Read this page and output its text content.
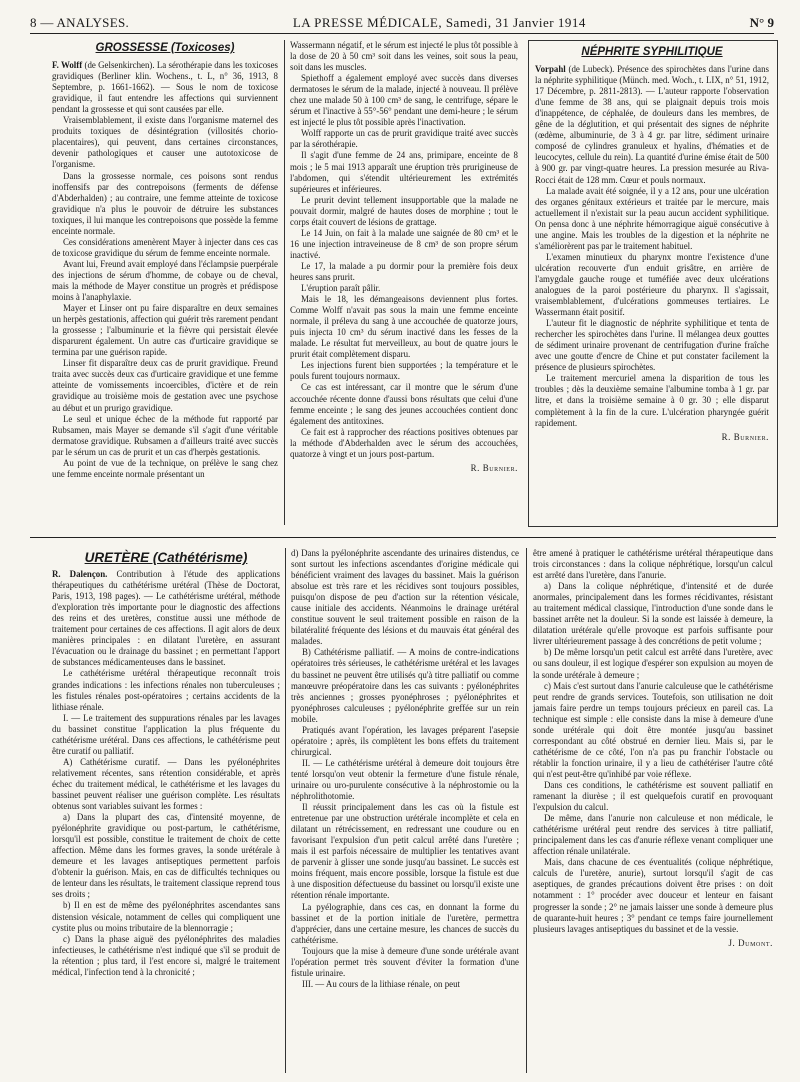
8 — ANALYSES.	LA PRESSE MÉDICALE, Samedi, 31 Janvier 1914	N° 9
GROSSESSE (Toxicoses)

F. Wolff (de Gelsenkirchen). La sérothérapie dans les toxicoses gravidiques (Berliner klin. Wochens., t. L, n° 36, 1913, 8 Septembre, p. 1661-1662). — Sous le nom de toxicose gravidique, il faut entendre les affections qui surviennent pendant la grossesse et qui sont causées par elle.

Vraisemblablement, il existe dans l'organisme maternel des produits toxiques de désintégration (villosités chorio-placentaires), qui peuvent, dans certaines circonstances, devenir pathologiques et causer une autotoxicose de l'organisme.

Dans la grossesse normale, ces poisons sont rendus inoffensifs par des contrepoisons (ferments de défense d'Abderhalden) ; au contraire, une femme atteinte de toxicose gravidique n'a plus le pouvoir de détruire les substances toxiques, il lui manque les contrepoisons que possède la femme enceinte normale.

Ces considérations amenèrent Mayer à injecter dans ces cas de toxicose gravidique du sérum de femme enceinte normale.

Avant lui, Freund avait employé dans l'éclampsie puerpérale des injections de sérum d'homme, de cobaye ou de cheval, mais la méthode de Mayer constitue un progrès et prédispose moins à l'anaphylaxie.

Mayer et Linser ont pu faire disparaître en deux semaines un herpès gestationis, affection qui guérit très rarement pendant la grossesse ; l'albuminurie et la fièvre qui persistait élevée disparurent également. Un autre cas d'urticaire gravidique se termina par une guérison rapide.

Linser fit disparaître deux cas de prurit gravidique. Freund traita avec succès deux cas d'urticaire gravidique et une femme atteinte de vomissements incoercibles, d'ictère et de rein gravidique au troisième mois de gestation avec une psychose au début et un prurigo gravidique.

Le seul et unique échec de la méthode fut rapporté par Rubsamen, mais Mayer se demande s'il s'agit d'une véritable dermatose gravidique. Rubsamen a d'ailleurs traité avec succès par le sérum un cas de prurit et un cas d'herpès gestationis.

Au point de vue de la technique, on prélève le sang chez une femme enceinte normale présentant un

Wassermann négatif, et le sérum est injecté le plus tôt possible à la dose de 20 à 50 cm³ soit dans les veines, soit sous la peau, soit dans les muscles.

Spiethoff a également employé avec succès dans diverses dermatoses le sérum de la malade, injecté à nouveau. Il prélève chez une malade 50 à 100 cm³ de sang, le centrifuge, sépare le sérum et l'inactive à 55°-56° pendant une demi-heure ; le sérum est injecté le plus tôt possible après l'inactivation.

Wolff rapporte un cas de prurit gravidique traité avec succès par la sérothérapie.

Il s'agit d'une femme de 24 ans, primipare, enceinte de 8 mois ; le 5 mai 1913 apparaît une éruption très prurigineuse de l'abdomen, qui s'étendit ultérieurement les extrémités supérieures et inférieures.

Le prurit devint tellement insupportable que la malade ne pouvait dormir, malgré de hautes doses de morphine ; tout le corps était couvert de lésions de grattage.

Le 14 Juin, on fait à la malade une saignée de 80 cm³ et le 16 une injection intraveineuse de 8 cm³ de son propre sérum inactivé.

Le 17, la malade a pu dormir pour la première fois deux heures sans prurit.

L'éruption paraît pâlir.

Mais le 18, les démangeaisons deviennent plus fortes. Comme Wolff n'avait pas sous la main une femme enceinte normale, il préleva du sang à une accouchée de quatorze jours, puis injecta 10 cm³ du sérum inactivé dans les fesses de la malade. Le résultat fut merveilleux, au bout de quatre jours le prurit était complètement disparu.

Les injections furent bien supportées ; la température et le pouls furent toujours normaux.

Ce cas est intéressant, car il montre que le sérum d'une accouchée récente donne d'aussi bons résultats que celui d'une femme enceinte ; le sang des jeunes accouchées contient donc également des antitoxines.

Ce fait est à rapprocher des réactions positives obtenues par la méthode d'Abderhalden avec le sérum des accouchées, quatorze à vingt et un jours post-partum.

R. Burnier.

NÉPHRITE SYPHILITIQUE

Vorpahl (de Lubeck). Présence des spirochètes dans l'urine dans la néphrite syphilitique (Münch. med. Woch., t. LIX, n° 51, 1912, 17 Décembre, p. 2811-2813). — L'auteur rapporte l'observation d'une femme de 38 ans, qui se plaignait depuis trois mois d'inappétence, de céphalée, de douleurs dans les membres, de gêne de la déglutition, et qui présentait des signes de néphrite (œdème, albuminurie, de 3 à 4 gr. par litre, sédiment urinaire composé de cylindres granuleux et hyalins, d'hématies et de leucocytes, cellule du rein). La quantité d'urine émise était de 500 à 900 gr. par vingt-quatre heures. La pression mesurée au Riva-Rocci était de 128 mm. Cœur et pouls normaux.

La malade avait été soignée, il y a 12 ans, pour une ulcération des organes génitaux extérieurs et traitée par le mercure, mais actuellement il n'existait sur la peau aucun accident syphilitique. On pensa donc à une néphrite hémorragique aiguë consécutive à une angine. Mais les troubles de la digestion et la néphrite ne s'améliorèrent pas par le traitement habituel.

L'examen minutieux du pharynx montre l'existence d'une ulcération recouverte d'un enduit grisâtre, en arrière de l'amygdale gauche rouge et tuméfiée avec deux ulcérations analogues de la paroi postérieure du pharynx. Il s'agissait, vraisemblablement, d'ulcérations gommeuses tertiaires. Le Wassermann était positif.

L'auteur fit le diagnostic de néphrite syphilitique et tenta de rechercher les spirochètes dans l'urine. Il mélangea deux gouttes de sédiment urinaire provenant de centrifugation d'urine fraîche avec une goutte d'encre de Chine et put constater facilement la présence de plusieurs spirochètes.

Le traitement mercuriel amena la disparition de tous les troubles ; dès la deuxième semaine l'albumine tomba à 1 gr. par litre, et dans la troisième semaine à 0 gr. 30 ; elle disparut complètement à la fin de la cure. L'ulcération pharyngée guérit rapidement.

R. Burnier.

URETÈRE (Cathétérisme)

R. Dalençon. Contribution à l'étude des applications thérapeutiques du cathétérisme urétéral (Thèse de Doctorat, Paris, 1913, 198 pages). — Le cathétérisme urétéral, méthode d'exploration très importante pour le diagnostic des affections des reins et des uretères, constitue aussi une méthode de traitement pour certaines de ces affections. Il agit alors de deux manières principales : en dilatant l'uretère, en assurant l'évacuation ou le drainage du bassinet ; en permettant l'apport de substances médicamenteuses dans le bassinet.

Le cathétérisme urétéral thérapeutique reconnaît trois grandes indications : les infections rénales non tuberculeuses ; les fistules rénales post-opératoires ; certains accidents de la lithiase rénale.

I. — Le traitement des suppurations rénales par les lavages du bassinet constitue l'application la plus fréquente du cathétérisme urétéral. Dans ces affections, le cathétérisme peut être curatif ou palliatif.

A) Cathétérisme curatif. — Dans les pyélonéphrites relativement récentes, sans rétention considérable, et après échec du traitement médical, le cathétérisme et les lavages du bassinet peuvent réaliser une guérison complète. Les résultats obtenus sont variables suivant les formes :

a) Dans la plupart des cas, d'intensité moyenne, de pyélonéphrite gravidique ou post-partum, le cathétérisme, lorsqu'il est possible, constitue le traitement de choix de cette affection. Même dans les formes graves, la sonde urétérale à demeure et les lavages antiseptiques permettent parfois d'obtenir la guérison. Mais, en cas de difficultés techniques ou de lenteur dans les résultats, le traitement classique reprend tous ses droits ;

b) Il en est de même des pyélonéphrites ascendantes sans distension vésicale, notamment de celles qui compliquent une cystite plus ou moins tributaire de la blennorragie ;

c) Dans la phase aiguë des pyélonéphrites des maladies infectieuses, le cathétérisme n'est indiqué que s'il se produit de la rétention ; plus tard, il l'est encore si, malgré le traitement médical, l'infection tend à la chronicité ;

d) Dans la pyélonéphrite ascendante des urinaires distendus, ce sont surtout les infections ascendantes d'origine médicale qui bénéficient vraiment des lavages du bassinet. Mais la guérison absolue est très rare et les récidives sont toujours possibles, puisqu'on dispose de peu d'action sur la rétention vésicale, cause initiale des accidents. Néanmoins le drainage urétéral constitue souvent le seul traitement possible en raison de la bilatéralité fréquente des lésions et du mauvais état général des malades.

B) Cathétérisme palliatif. — A moins de contre-indications opératoires très sérieuses, le cathétérisme urétéral et les lavages du bassinet ne peuvent être utilisés qu'à titre palliatif ou comme manœuvre préopératoire dans les cas suivants : pyélonéphrites très anciennes ; grosses pyonéphroses ; pyélonéphrites et pyonéphroses calculeuses ; pyélonéphrite greffée sur un rein mobile.

Pratiqués avant l'opération, les lavages préparent l'asepsie opératoire ; après, ils complètent les bons effets du traitement chirurgical.

II. — Le cathétérisme urétéral à demeure doit toujours être tenté lorsqu'on veut obtenir la fermeture d'une fistule rénale, urinaire ou uro-purulente consécutive à la néphrostomie ou la néphrolithotomie.

Il réussit principalement dans les cas où la fistule est entretenue par une obstruction urétérale incomplète et cela en dilatant un rétrécissement, en redressant une coudure ou en favorisant l'expulsion d'un petit calcul arrêté dans l'uretère ; mais il est parfois nécessaire de multiplier les tentatives avant de parvenir à glisser une sonde jusqu'au bassinet. Le succès est moins fréquent, mais encore possible, lorsque la fistule est due à une disposition défectueuse du bassinet ou lorsqu'il existe une rétention rénale importante.

La pyélographie, dans ces cas, en donnant la forme du bassinet et de la portion initiale de l'uretère, permettra d'apprécier, dans une certaine mesure, les chances de succès du cathétérisme.

Toujours que la mise à demeure d'une sonde urétérale avant l'opération permet très souvent d'éviter la formation d'une fistule urinaire.

III. — Au cours de la lithiase rénale, on peut

être amené à pratiquer le cathétérisme urétéral thérapeutique dans trois circonstances : dans la colique néphrétique, lorsqu'un calcul est arrêté dans l'uretère, dans l'anurie.

a) Dans la colique néphrétique, d'intensité et de durée anormales, principalement dans les formes récidivantes, résistant au traitement médical classique, l'introduction d'une sonde dans le bassinet arrête net la douleur. Si la sonde est laissée à demeure, la dilatation urétérale qu'elle provoque est parfois suffisante pour livrer ultérieurement passage à des concrétions de petit volume ;

b) De même lorsqu'un petit calcul est arrêté dans l'uretère, avec ou sans douleur, il est logique d'espérer son expulsion au moyen de la sonde urétérale à demeure ;

c) Mais c'est surtout dans l'anurie calculeuse que le cathétérisme peut rendre de grands services. Toutefois, son utilisation ne doit jamais faire perdre un temps toujours précieux en pareil cas. La technique est simple : elle consiste dans la mise à demeure d'une sonde urétérale qui doit être montée jusqu'au bassinet correspondant au côté obstrué en dernier lieu. Mais si, par le cathétérisme de ce côté, l'on n'a pas pu franchir l'obstacle ou rétablir la fonction urinaire, il y a lieu de cathétériser l'autre côté qui n'est peut-être qu'inhibé par voie réflexe.

Dans ces conditions, le cathétérisme est souvent palliatif en ramenant la diurèse ; il est quelquefois curatif en provoquant l'expulsion du calcul.

De même, dans l'anurie non calculeuse et non médicale, le cathétérisme urétéral peut rendre des services à titre palliatif, principalement dans les cas d'anurie réflexe venant compliquer une affection rénale unilatérale.

Mais, dans chacune de ces éventualités (colique néphrétique, calculs de l'uretère, anurie), surtout lorsqu'il s'agit de cas aseptiques, de grandes précautions doivent être prises : on doit notamment : 1° procéder avec douceur et lenteur en faisant progresser la sonde ; 2° ne jamais laisser une sonde à demeure plus de quarante-huit heures ; 3° pendant ce temps faire journellement plusieurs lavages antiseptiques du bassinet et de la vessie.

J. Dumont.
